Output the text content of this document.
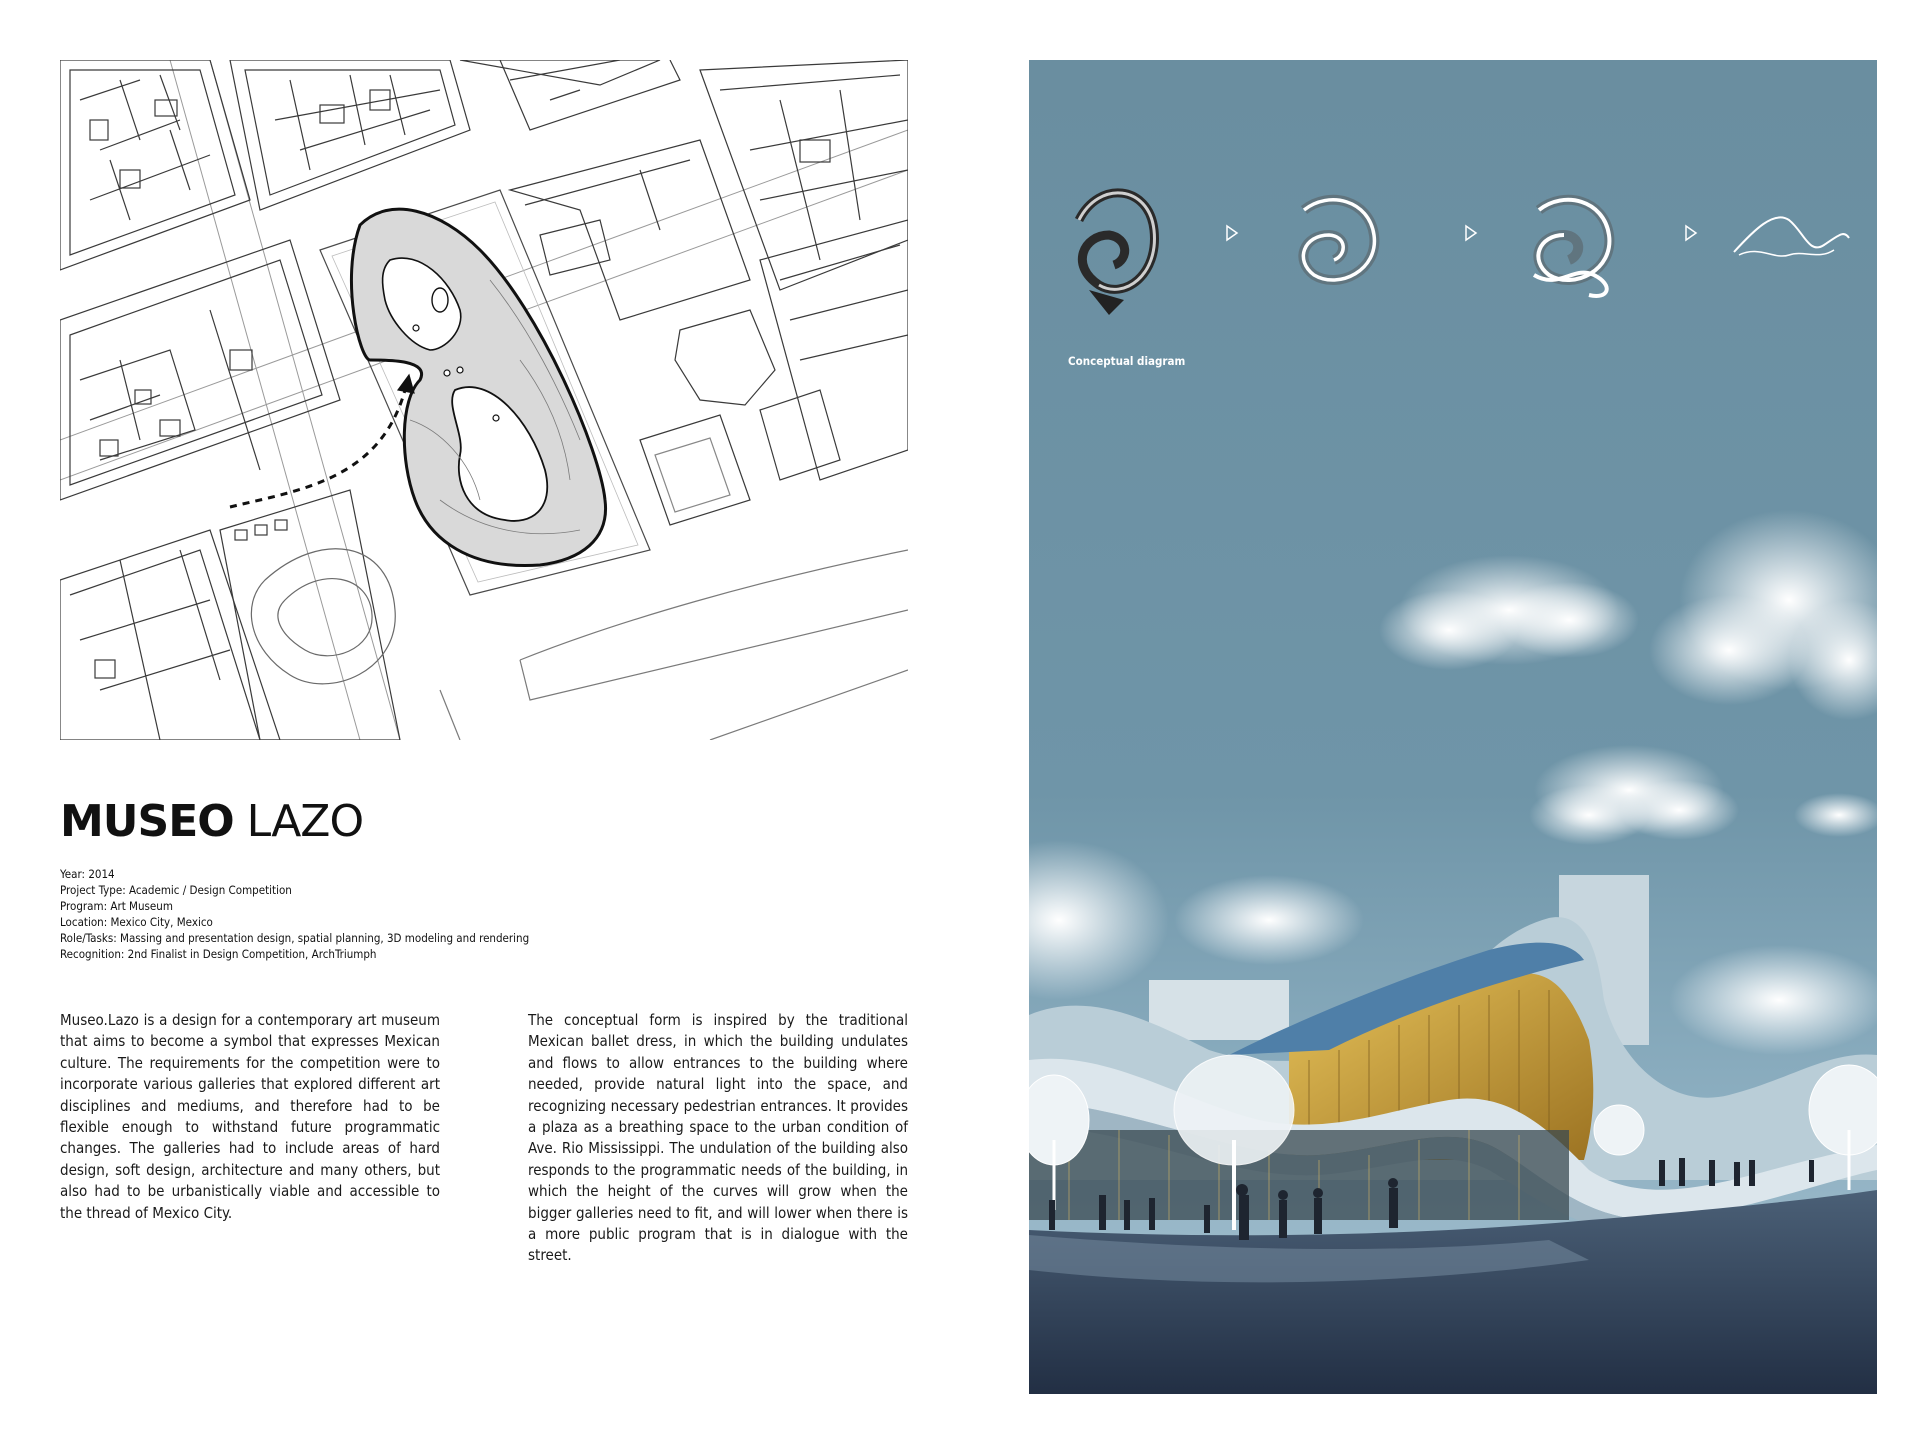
MUSEO LAZO
Year: 2014
Project Type: Academic / Design Competition
Program: Art Museum
Location: Mexico City, Mexico
Role/Tasks: Massing and presentation design, spatial planning, 3D modeling and rendering
Recognition: 2nd Finalist in Design Competition, ArchTriumph
Museo.Lazo is a design for a contemporary art museum that aims to become a symbol that expresses Mexican culture. The requirements for the competition were to incorporate various galleries that explored different art disciplines and mediums, and therefore had to be flexible enough to withstand future programmatic changes. The galleries had to include areas of hard design, soft design, architecture and many others, but also had to be urbanistically viable and accessible to the thread of Mexico City.
The conceptual form is inspired by the traditional Mexican ballet dress, in which the building undulates and flows to allow entrances to the building where needed, provide natural light into the space, and recognizing necessary pedestrian entrances. It provides a plaza as a breathing space to the urban condition of Ave. Rio Mississippi. The undulation of the building also responds to the programmatic needs of the building, in which the height of the curves will grow when the bigger galleries need to fit, and will lower when there is a more public program that is in dialogue with the street.
Conceptual diagram
